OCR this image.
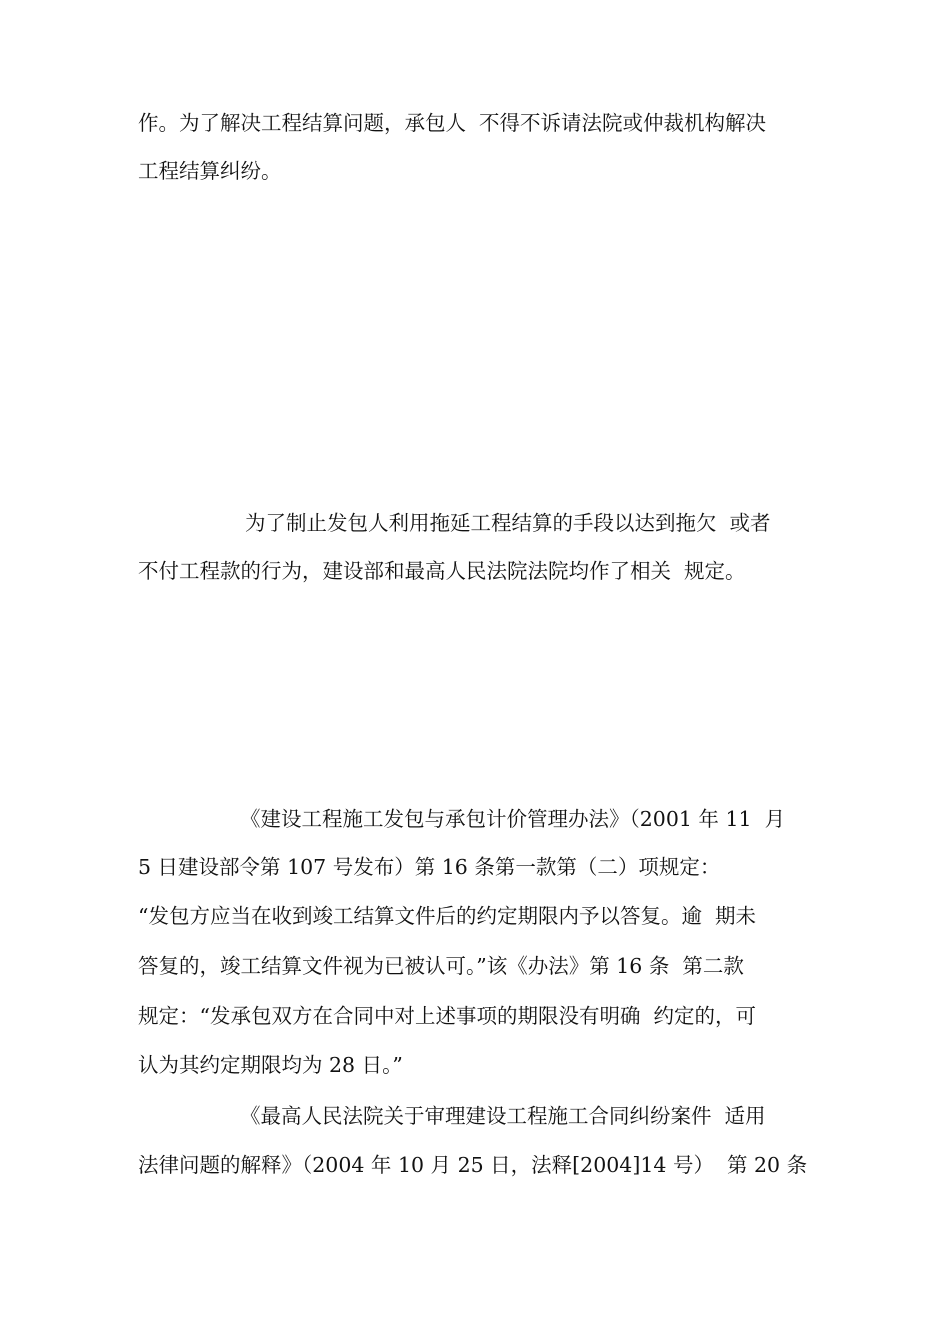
作。为了解决工程结算问题，承包人  不得不诉请法院或仲裁机构解决

工程结算纠纷。

为了制止发包人利用拖延工程结算的手段以达到拖欠  或者

不付工程款的行为，建设部和最高人民法院法院均作了相关  规定。

《建设工程施工发包与承包计价管理办法》（2001 年 11  月

5 日建设部令第 107 号发布）第 16 条第一款第（二）项规定：

“发包方应当在收到竣工结算文件后的约定期限内予以答复。逾  期未

答复的，竣工结算文件视为已被认可。”该《办法》第 16 条  第二款

规定：“发承包双方在合同中对上述事项的期限没有明确  约定的，可

认为其约定期限均为 28 日。”

《最高人民法院关于审理建设工程施工合同纠纷案件  适用

法律问题的解释》（2004 年 10 月 25 日，法释[2004]14 号）  第 20 条
